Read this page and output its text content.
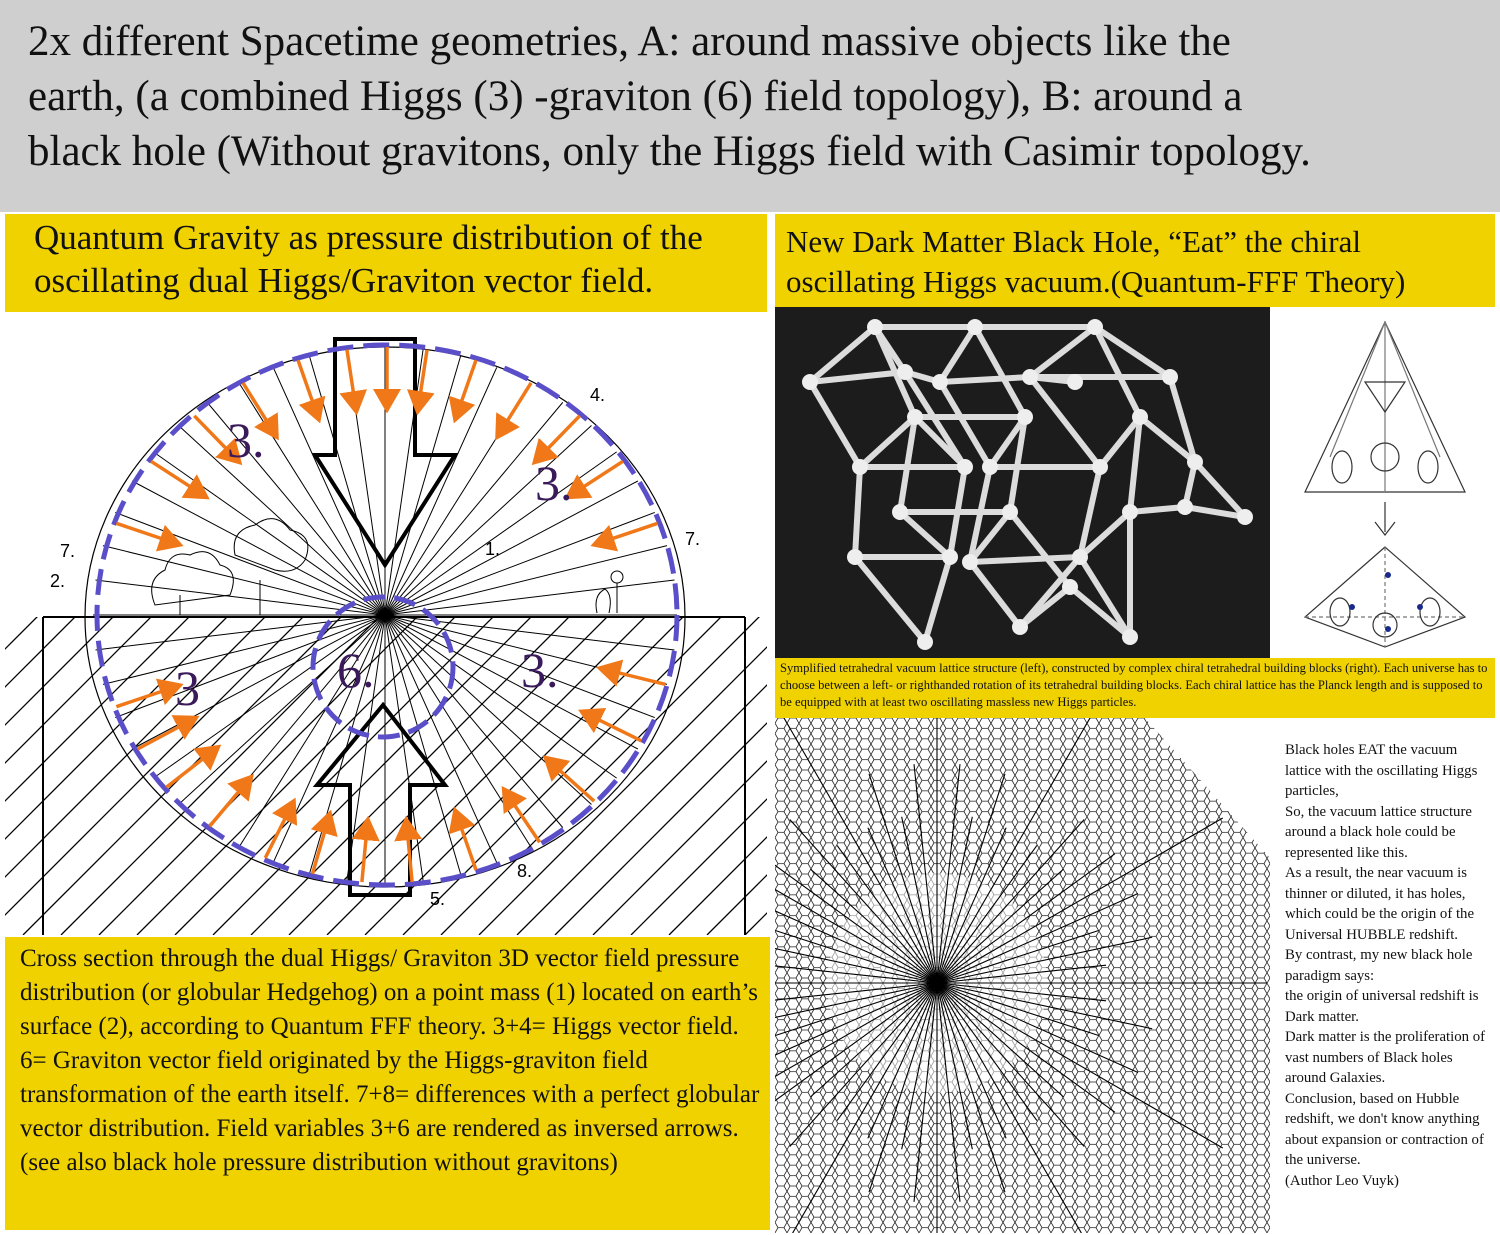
2x different Spacetime geometries, A: around massive objects like the
earth, (a combined Higgs (3) -graviton (6) field topology), B: around a
black hole (Without gravitons, only the Higgs field with Casimir topology.
Quantum Gravity as pressure distribution of the oscillating dual Higgs/Graviton vector field.
New Dark Matter Black Hole, “Eat” the chiral oscillating Higgs vacuum.(Quantum-FFF Theory)
3.
3.
3	3.
6.
4.
7.
7.
2.
1.
8.
5.
Cross section through the dual Higgs/ Graviton 3D vector field pressure distribution (or globular Hedgehog) on a point mass (1) located on earth’s surface (2), according to Quantum FFF theory. 3+4= Higgs vector field. 6= Graviton vector field originated by the Higgs-graviton field transformation of the earth itself. 7+8= differences with a perfect globular vector distribution. Field variables 3+6 are rendered as inversed arrows. (see also black hole pressure distribution without gravitons)
Symplified tetrahedral vacuum lattice structure (left), constructed by complex chiral tetrahedral building blocks (right). Each universe has to choose between a left- or righthanded rotation of its tetrahedral building blocks. Each chiral lattice has the Planck length and is supposed to be equipped with at least two oscillating massless new Higgs particles.
Black holes EAT the vacuum lattice with the oscillating Higgs particles,
So, the vacuum lattice structure around a black hole could be represented like this.
As a result, the near vacuum is thinner or diluted, it has holes, which could be the origin of the Universal HUBBLE redshift.
By contrast, my new black hole paradigm says:
the origin of universal redshift is Dark matter.
Dark matter is the proliferation of vast numbers of Black holes around Galaxies.
Conclusion, based on Hubble redshift, we don't know anything about expansion or contraction of the universe.
(Author Leo Vuyk)
